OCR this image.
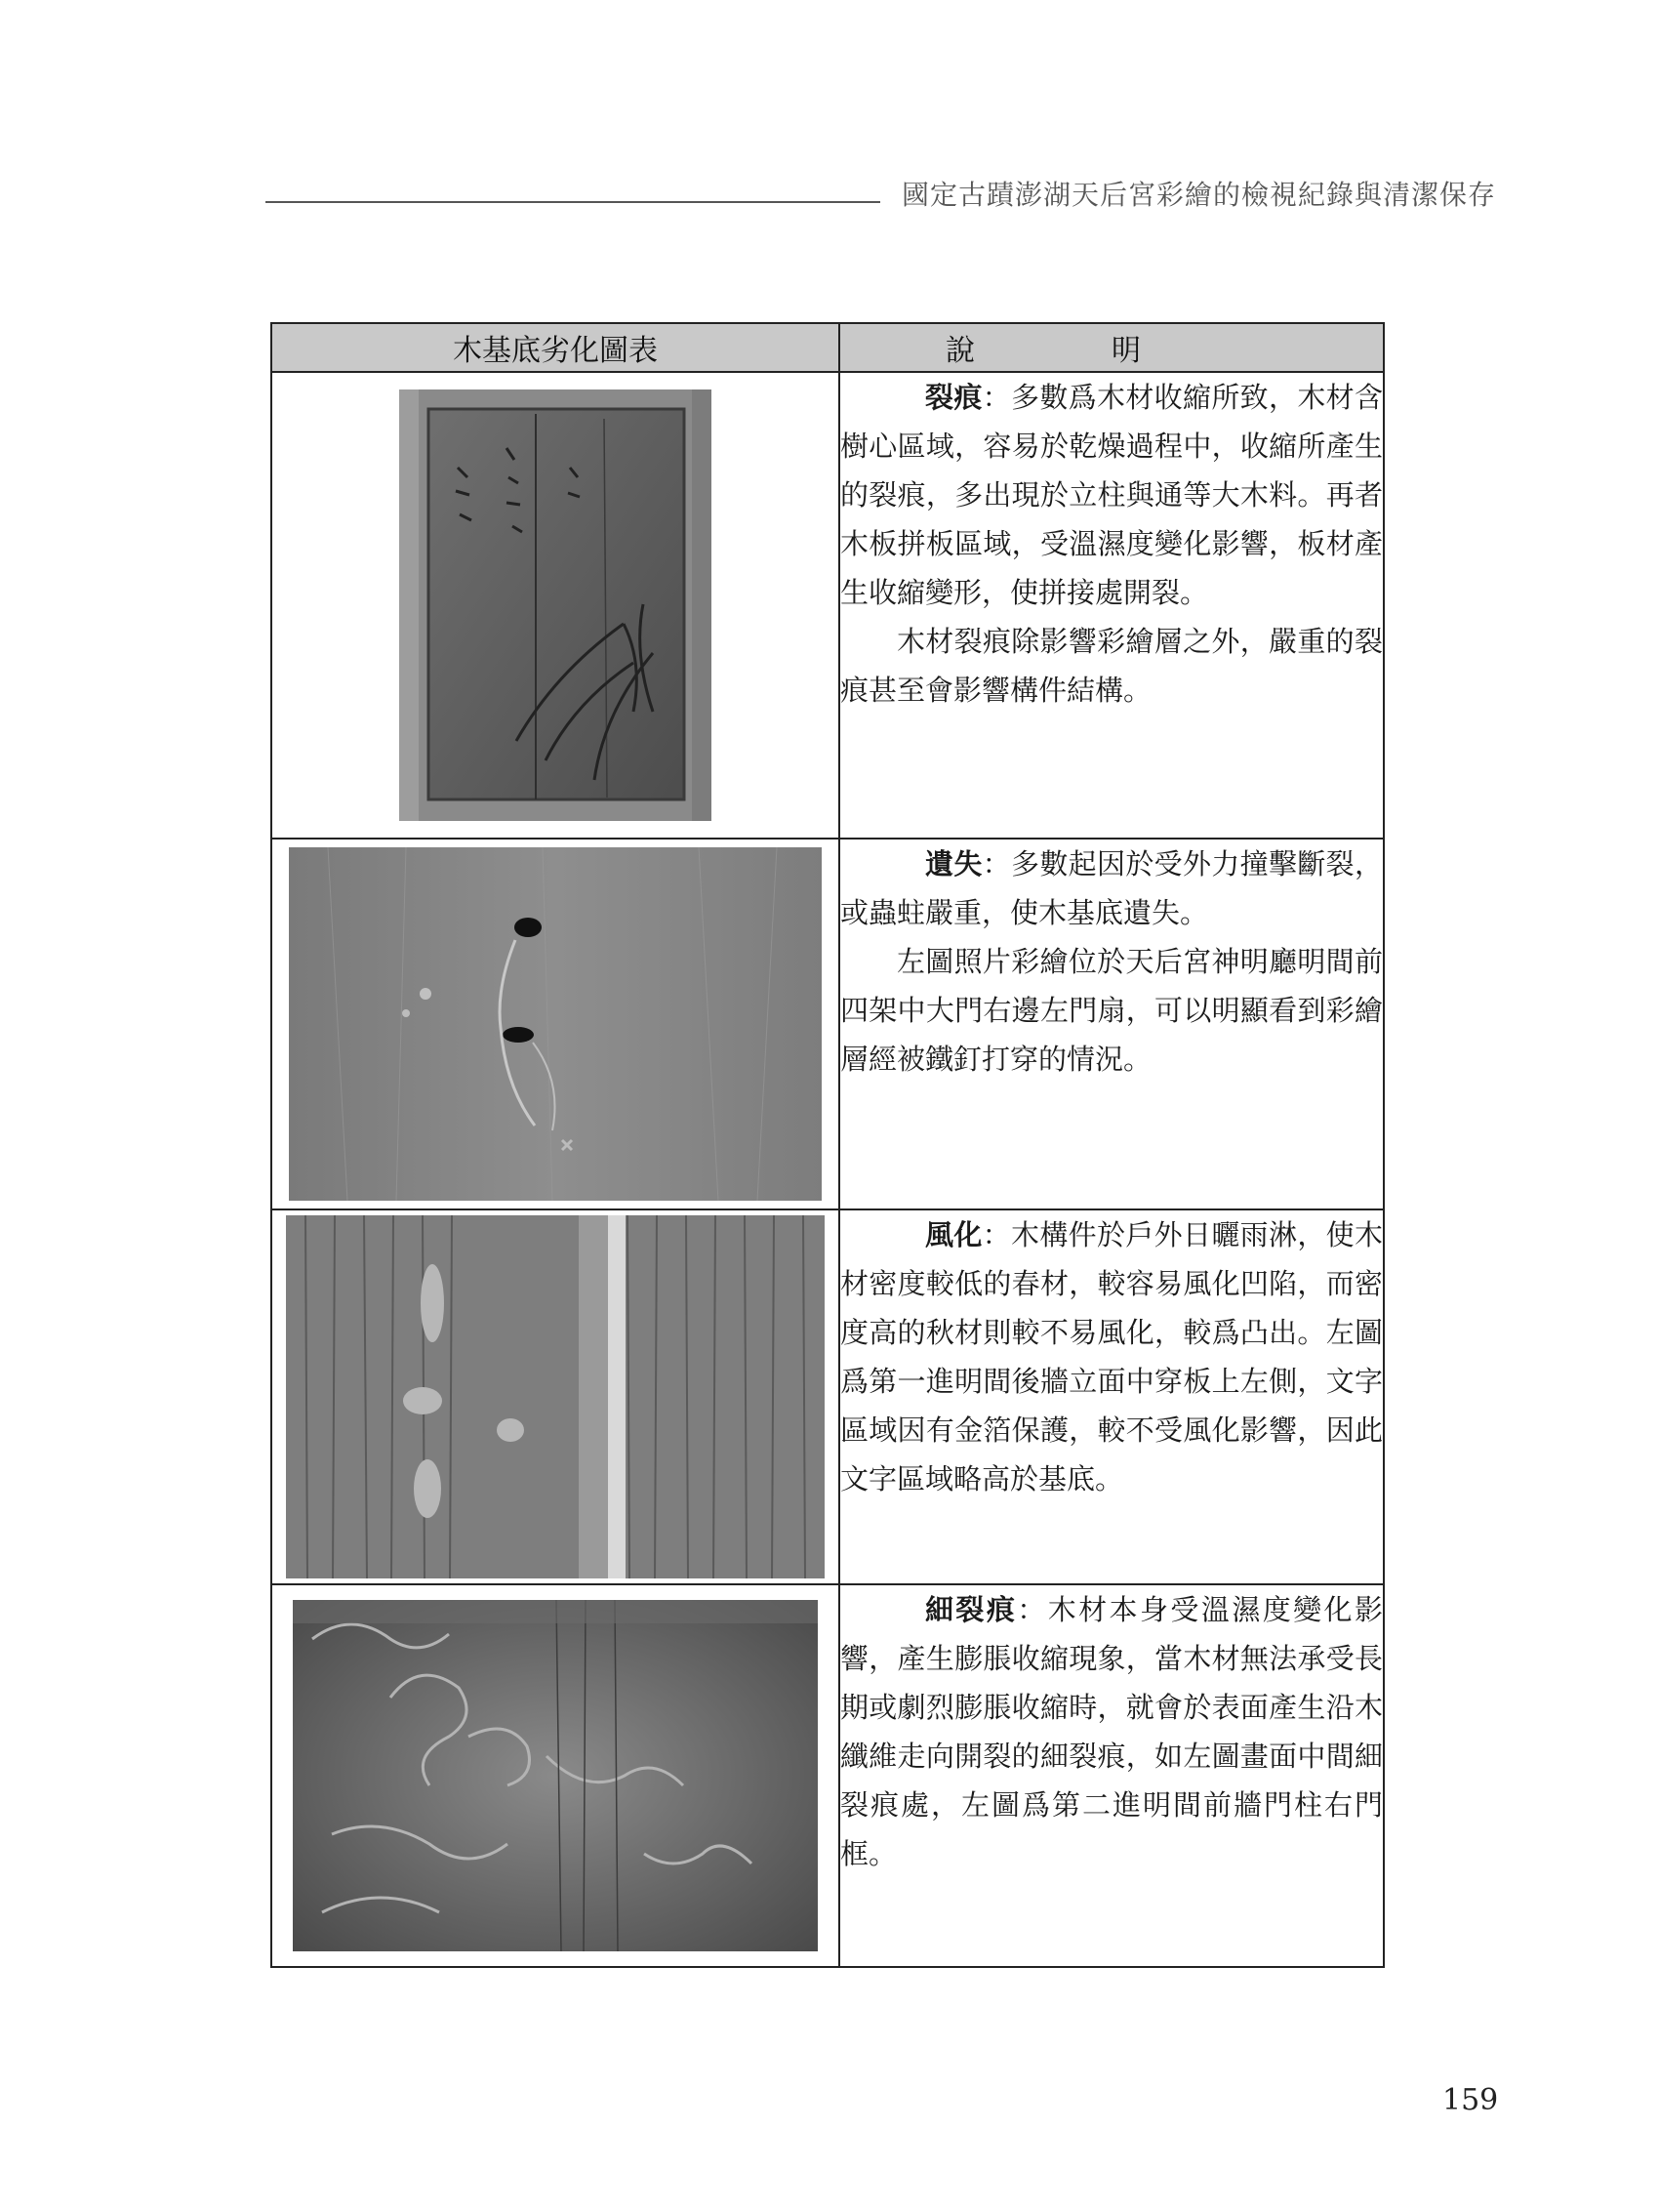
國定古蹟澎湖天后宮彩繪的檢視紀錄與清潔保存
木基底劣化圖表	說明

裂痕：多數爲木材收縮所致，木材含樹心區域，容易於乾燥過程中，收縮所產生的裂痕，多出現於立柱與通等大木料。再者木板拼板區域，受溫濕度變化影響，板材產生收縮變形，使拼接處開裂。

木材裂痕除影響彩繪層之外，嚴重的裂痕甚至會影響構件結構。

遺失：多數起因於受外力撞擊斷裂，或蟲蛀嚴重，使木基底遺失。

左圖照片彩繪位於天后宮神明廳明間前四架中大門右邊左門扇，可以明顯看到彩繪層經被鐵釘打穿的情況。

風化：木構件於戶外日曬雨淋，使木材密度較低的春材，較容易風化凹陷，而密度高的秋材則較不易風化，較爲凸出。左圖爲第一進明間後牆立面中穿板上左側，文字區域因有金箔保護，較不受風化影響，因此文字區域略高於基底。

細裂痕：木材本身受溫濕度變化影響，產生膨脹收縮現象，當木材無法承受長期或劇烈膨脹收縮時，就會於表面產生沿木纖維走向開裂的細裂痕，如左圖畫面中間細裂痕處，左圖爲第二進明間前牆門柱右門框。

159
